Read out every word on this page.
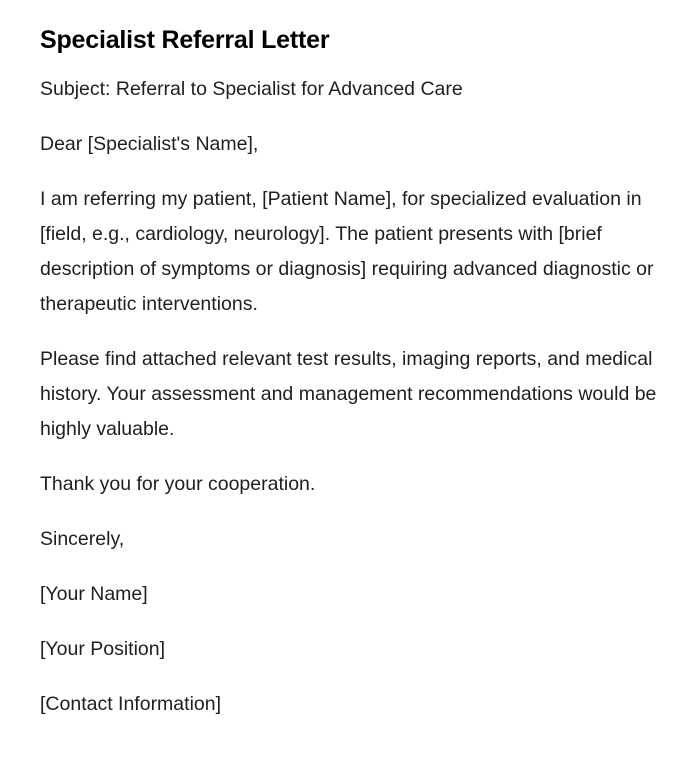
Specialist Referral Letter

Subject: Referral to Specialist for Advanced Care

Dear [Specialist's Name],

I am referring my patient, [Patient Name], for specialized evaluation in [field, e.g., cardiology, neurology]. The patient presents with [brief description of symptoms or diagnosis] requiring advanced diagnostic or therapeutic interventions.

Please find attached relevant test results, imaging reports, and medical history. Your assessment and management recommendations would be highly valuable.

Thank you for your cooperation.

Sincerely,

[Your Name]

[Your Position]

[Contact Information]
